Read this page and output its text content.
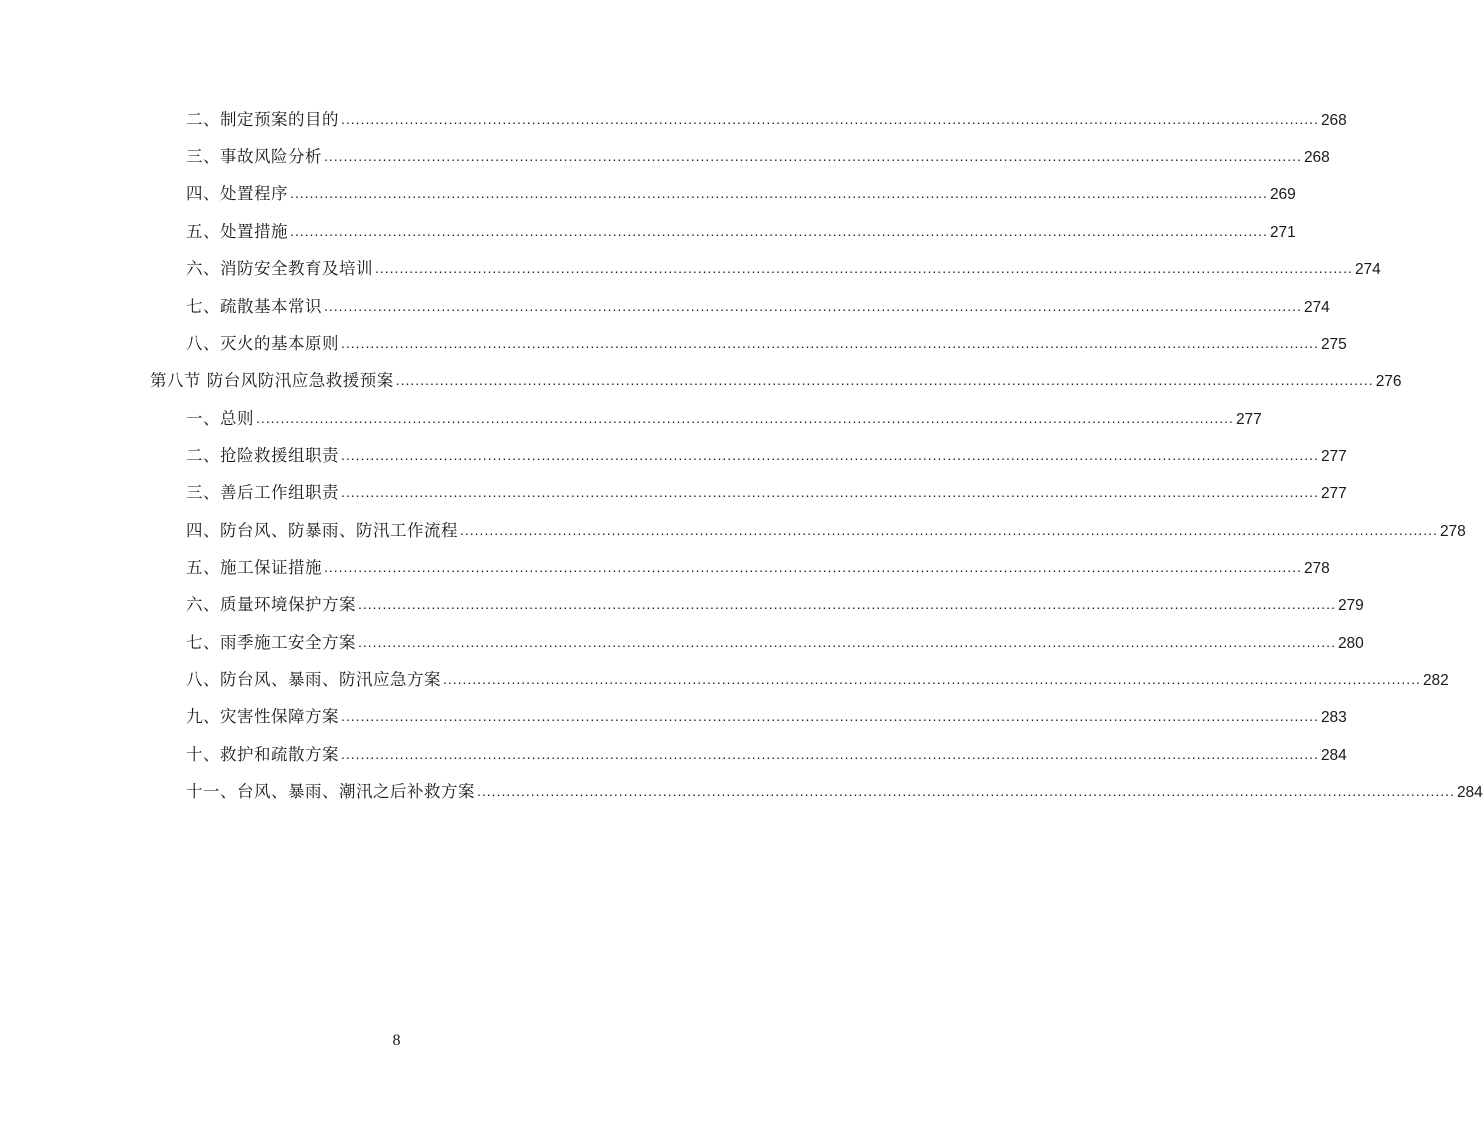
二、制定预案的目的 ........................................................................................................................................................................................................ 268
三、事故风险分析 ........................................................................................................................................................................................................ 268
四、处置程序 ........................................................................................................................................................................................................ 269
五、处置措施 ........................................................................................................................................................................................................ 271
六、消防安全教育及培训 ........................................................................................................................................................................................................ 274
七、疏散基本常识 ........................................................................................................................................................................................................ 274
八、灭火的基本原则 ........................................................................................................................................................................................................ 275
第八节 防台风防汛应急救援预案 ........................................................................................................................................................................................................ 276
一、总则 ........................................................................................................................................................................................................ 277
二、抢险救援组职责 ........................................................................................................................................................................................................ 277
三、善后工作组职责 ........................................................................................................................................................................................................ 277
四、防台风、防暴雨、防汛工作流程 ........................................................................................................................................................................................................ 278
五、施工保证措施 ........................................................................................................................................................................................................ 278
六、质量环境保护方案 ........................................................................................................................................................................................................ 279
七、雨季施工安全方案 ........................................................................................................................................................................................................ 280
八、防台风、暴雨、防汛应急方案 ........................................................................................................................................................................................................ 282
九、灾害性保障方案 ........................................................................................................................................................................................................ 283
十、救护和疏散方案 ........................................................................................................................................................................................................ 284
十一、台风、暴雨、潮汛之后补救方案 ........................................................................................................................................................................................................ 284
8
